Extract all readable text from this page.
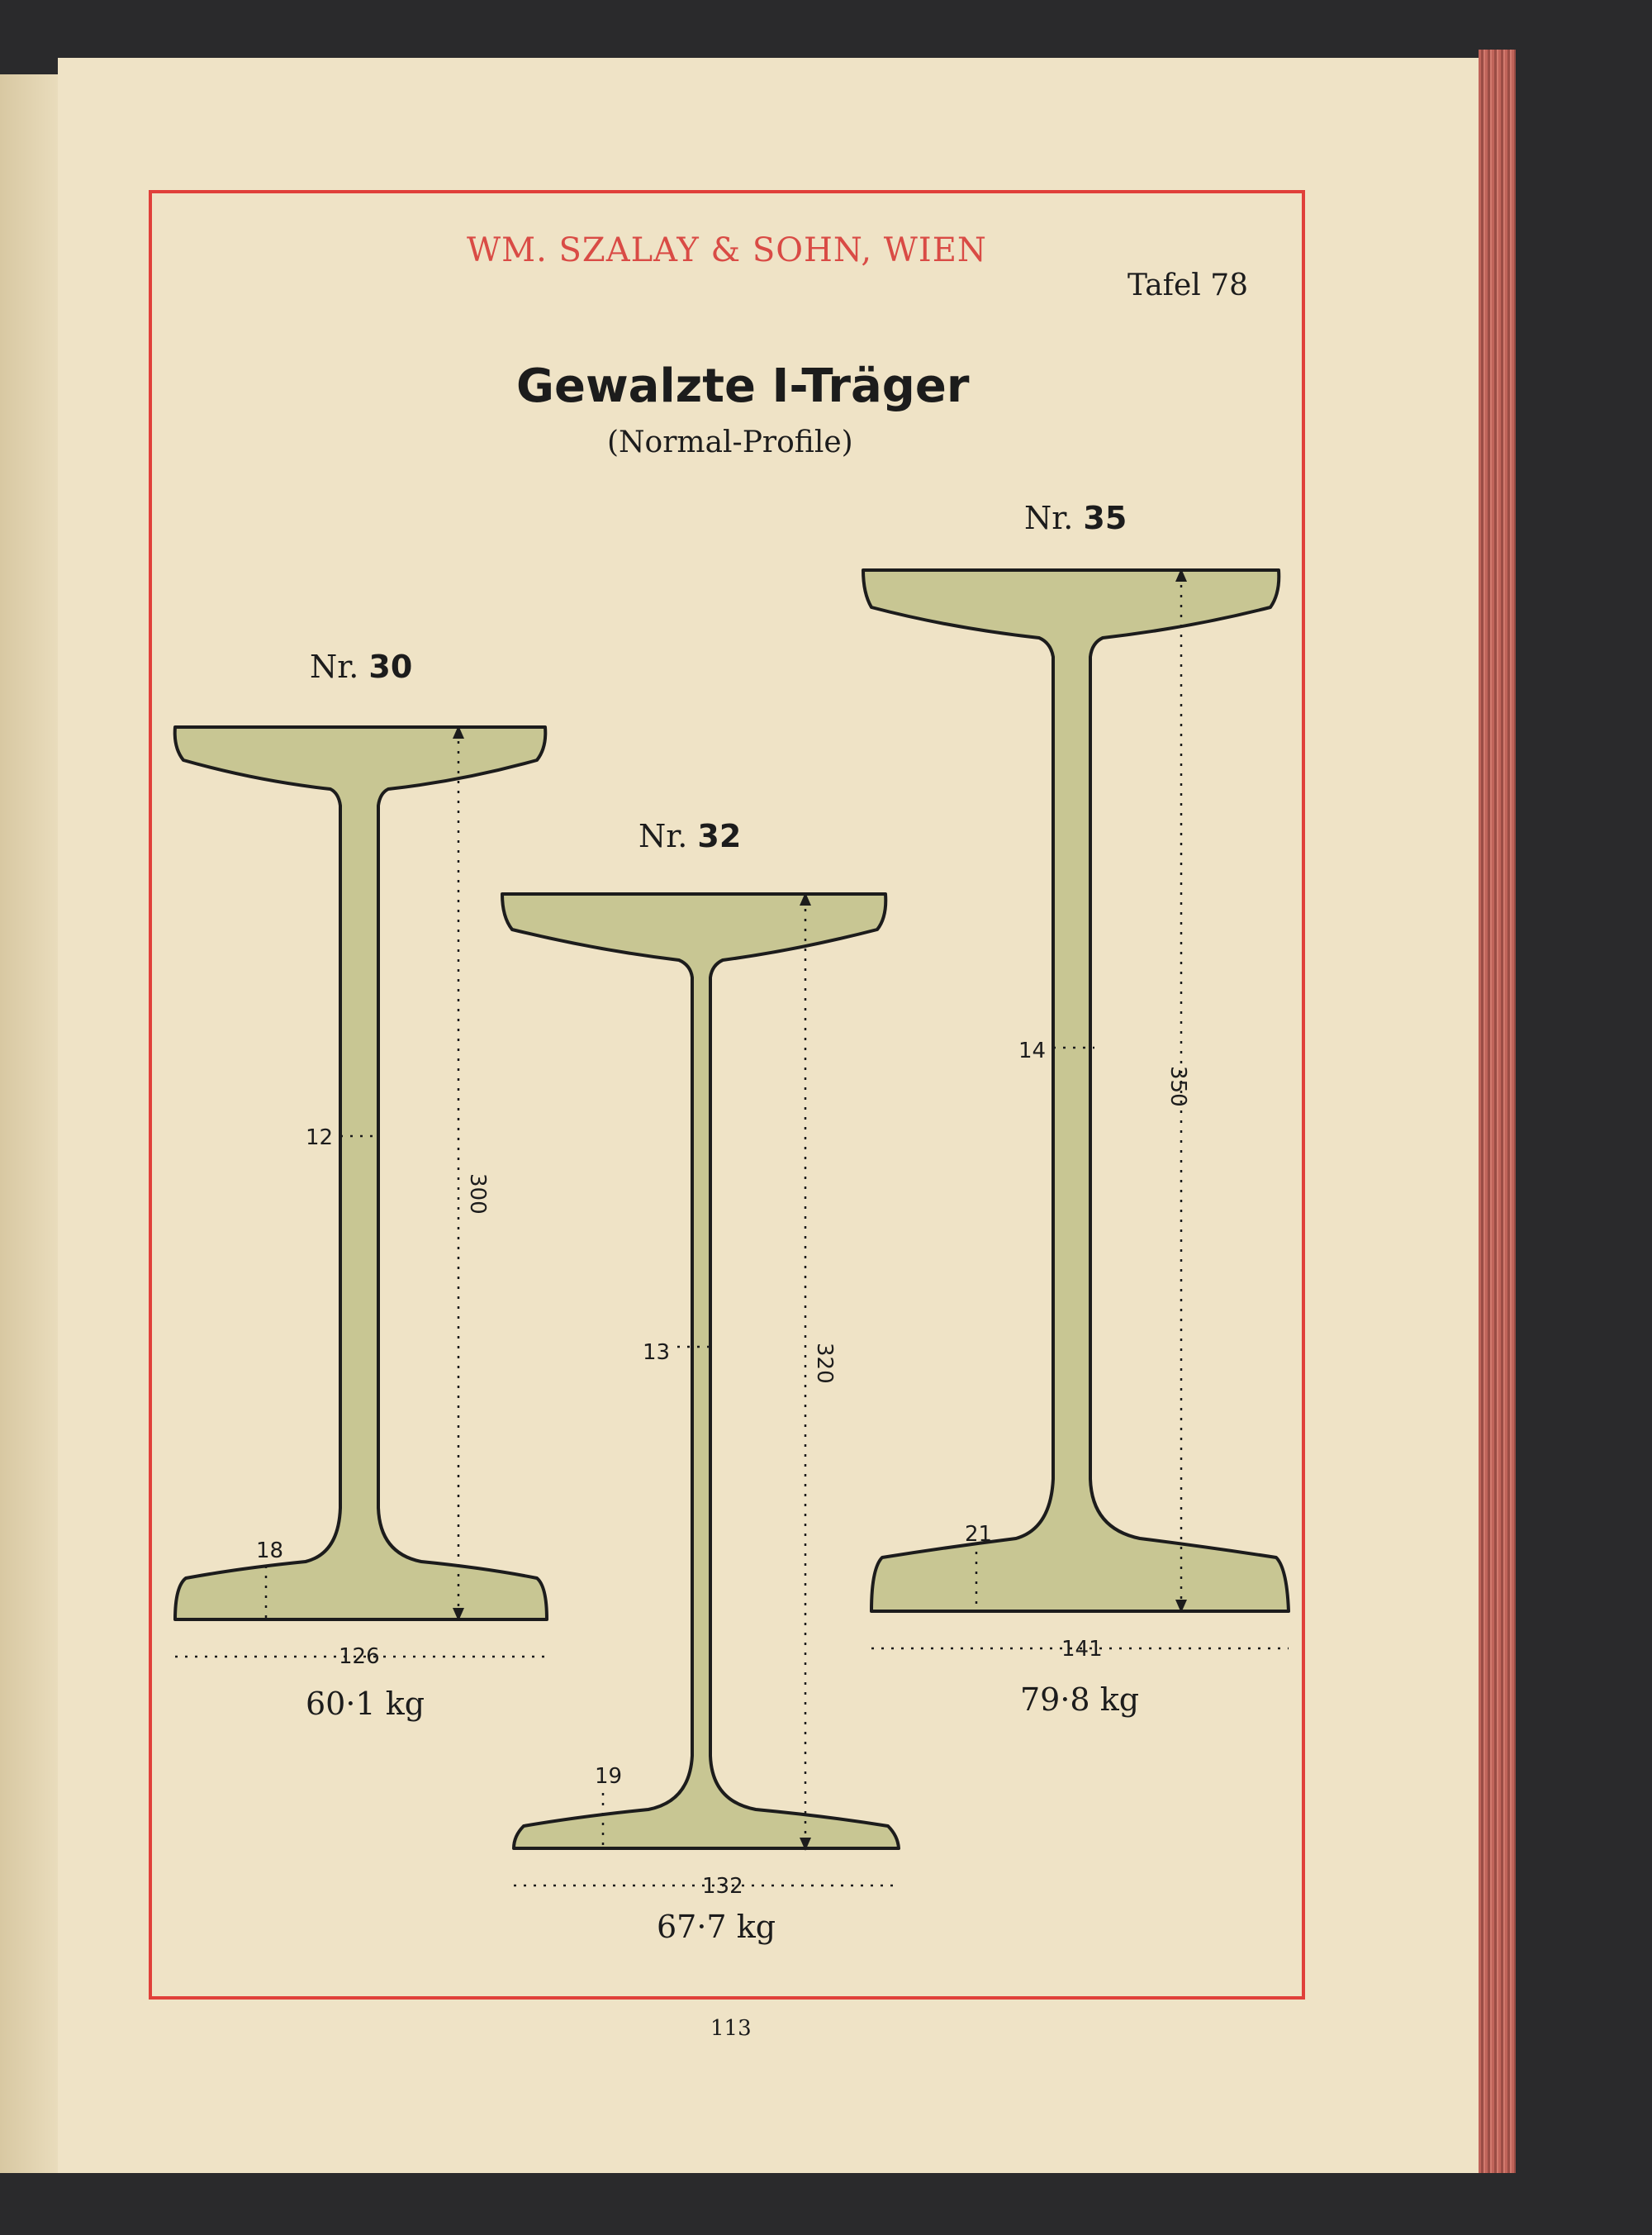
WM. SZALAY & SOHN, WIEN
Tafel 78
Gewalzte I-Träger
(Normal-Profile)
300
12
18
126
320
13
19
132
350
14
21
141
Nr. 30
Nr. 32
Nr. 35
60·1 kg
67·7 kg
79·8 kg
113
